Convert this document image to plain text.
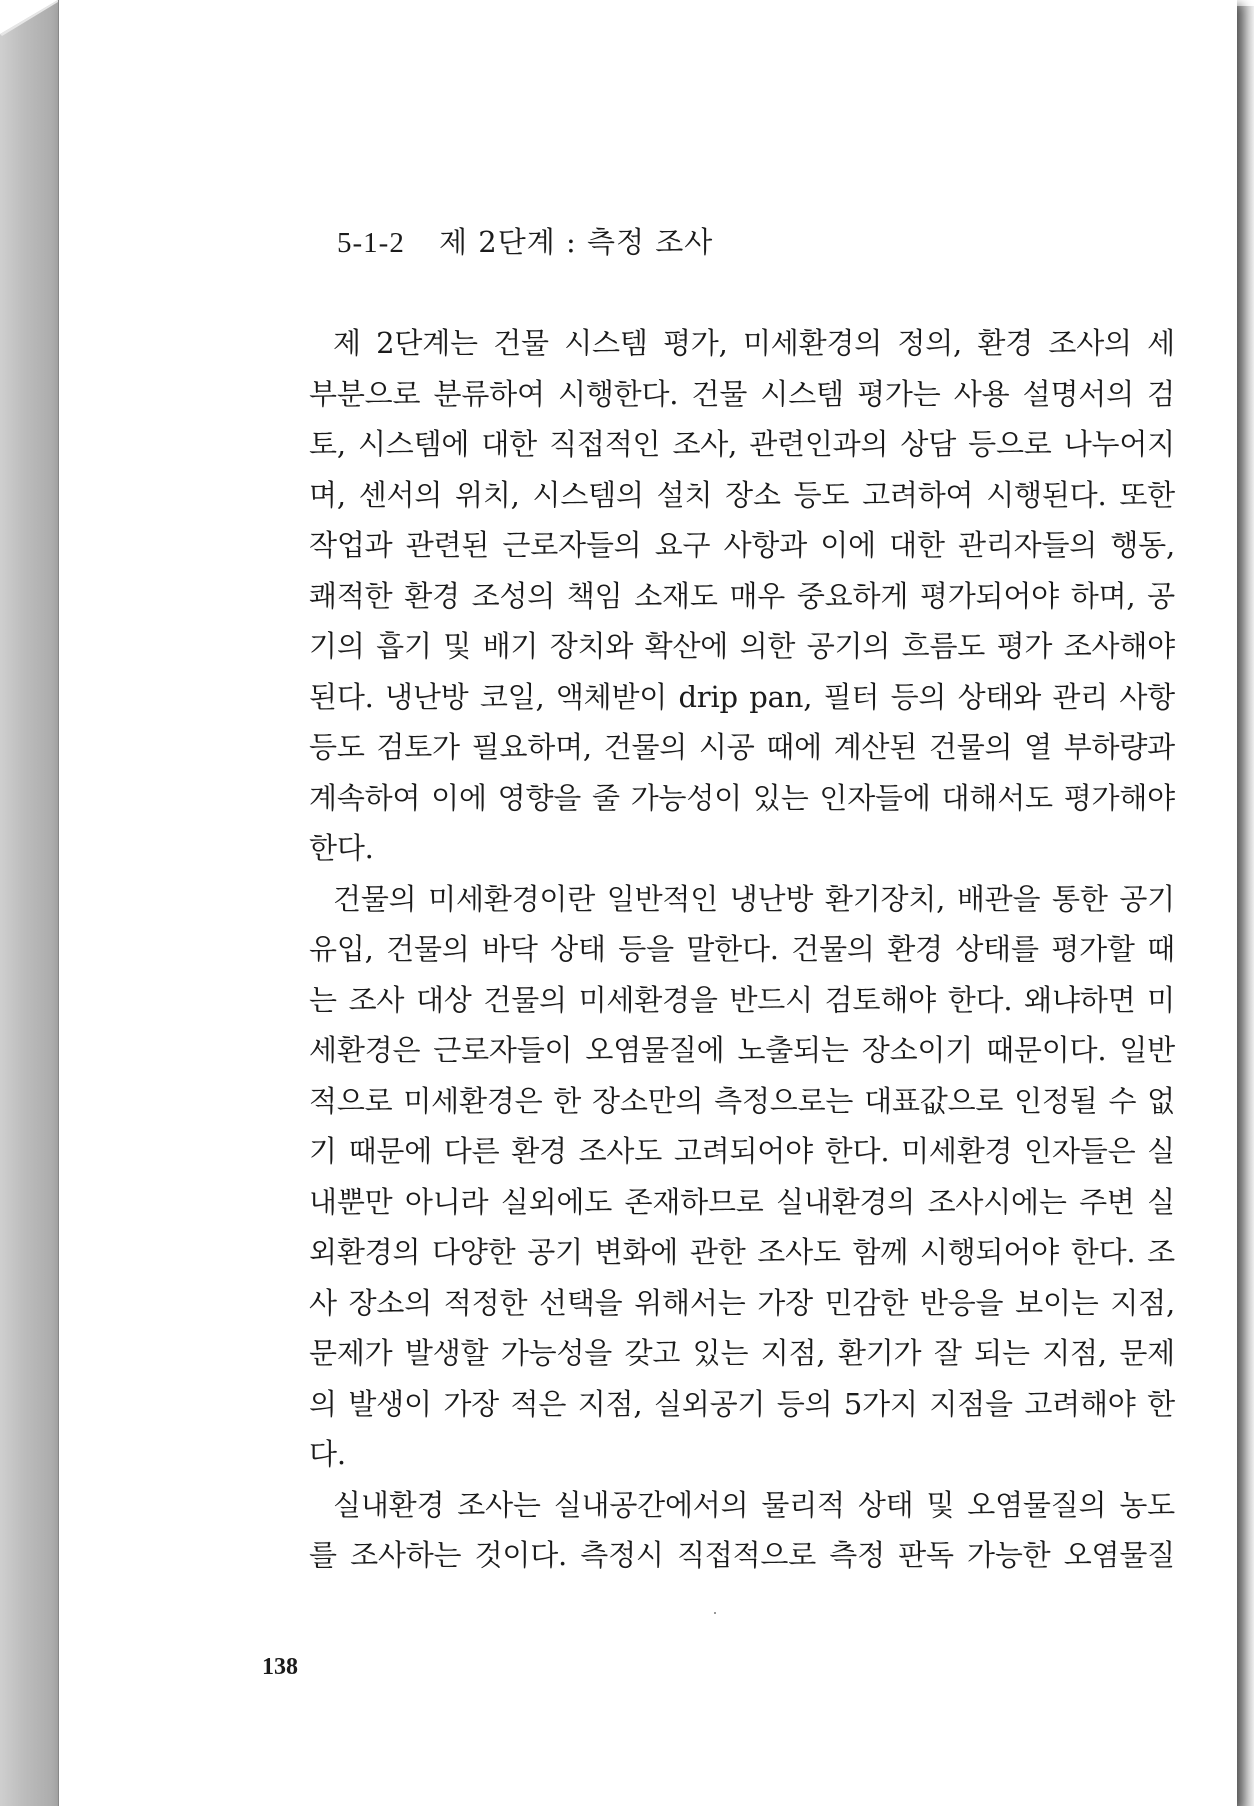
5-1-2 제 2단계 : 측정 조사
제 2단계는 건물 시스템 평가, 미세환경의 정의, 환경 조사의 세
부분으로 분류하여 시행한다. 건물 시스템 평가는 사용 설명서의 검
토, 시스템에 대한 직접적인 조사, 관련인과의 상담 등으로 나누어지
며, 센서의 위치, 시스템의 설치 장소 등도 고려하여 시행된다. 또한
작업과 관련된 근로자들의 요구 사항과 이에 대한 관리자들의 행동,
쾌적한 환경 조성의 책임 소재도 매우 중요하게 평가되어야 하며, 공
기의 흡기 및 배기 장치와 확산에 의한 공기의 흐름도 평가 조사해야
된다. 냉난방 코일, 액체받이 drip pan, 필터 등의 상태와 관리 사항
등도 검토가 필요하며, 건물의 시공 때에 계산된 건물의 열 부하량과
계속하여 이에 영향을 줄 가능성이 있는 인자들에 대해서도 평가해야
한다.
건물의 미세환경이란 일반적인 냉난방 환기장치, 배관을 통한 공기
유입, 건물의 바닥 상태 등을 말한다. 건물의 환경 상태를 평가할 때
는 조사 대상 건물의 미세환경을 반드시 검토해야 한다. 왜냐하면 미
세환경은 근로자들이 오염물질에 노출되는 장소이기 때문이다. 일반
적으로 미세환경은 한 장소만의 측정으로는 대표값으로 인정될 수 없
기 때문에 다른 환경 조사도 고려되어야 한다. 미세환경 인자들은 실
내뿐만 아니라 실외에도 존재하므로 실내환경의 조사시에는 주변 실
외환경의 다양한 공기 변화에 관한 조사도 함께 시행되어야 한다. 조
사 장소의 적정한 선택을 위해서는 가장 민감한 반응을 보이는 지점,
문제가 발생할 가능성을 갖고 있는 지점, 환기가 잘 되는 지점, 문제
의 발생이 가장 적은 지점, 실외공기 등의 5가지 지점을 고려해야 한
다.
실내환경 조사는 실내공간에서의 물리적 상태 및 오염물질의 농도
를 조사하는 것이다. 측정시 직접적으로 측정 판독 가능한 오염물질
138
